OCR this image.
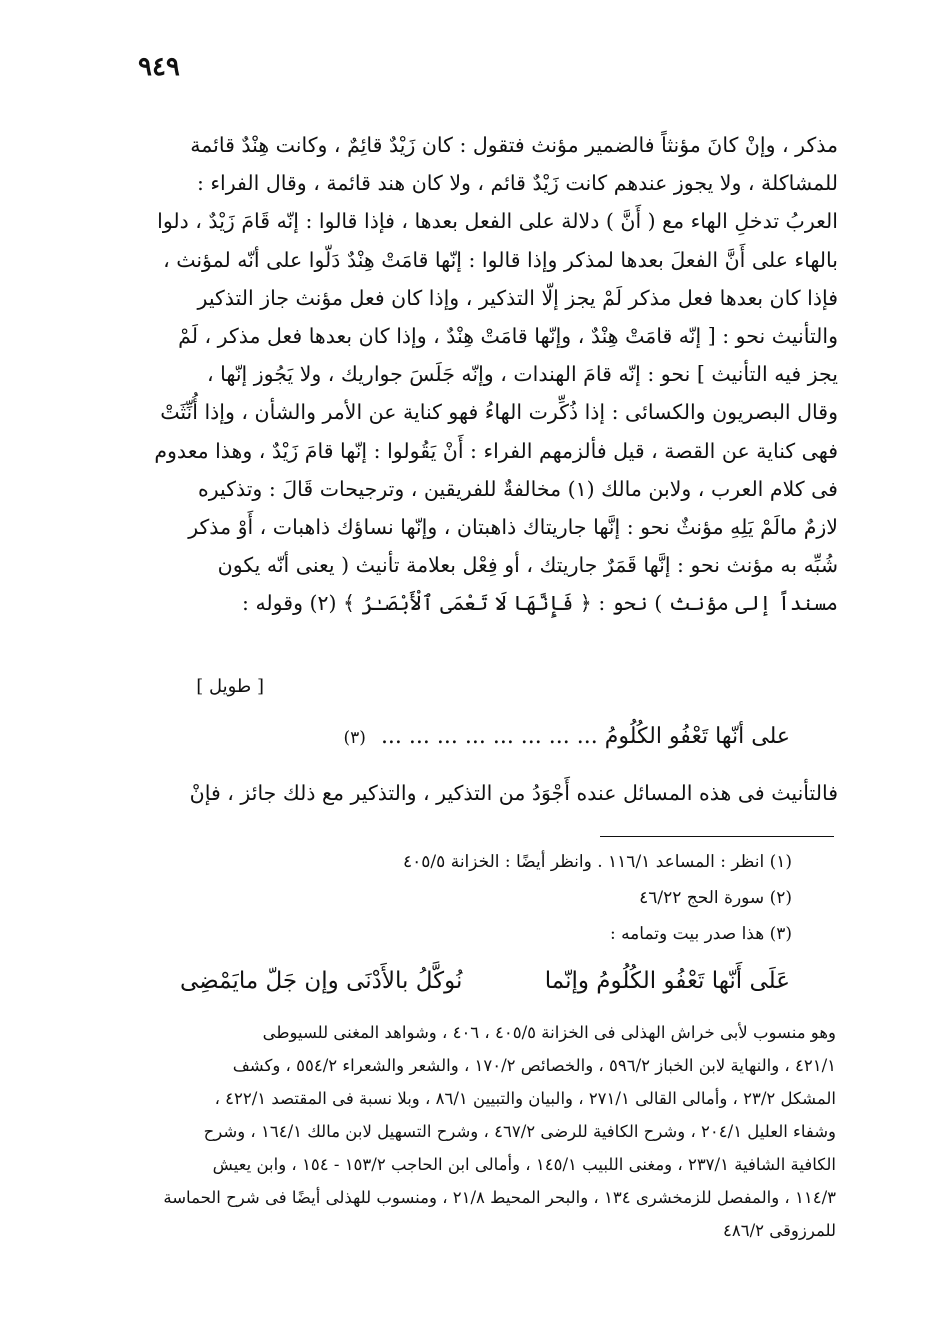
٩٤٩

مذكر ، وإنْ كانَ مؤنثاً فالضمير مؤنث فتقول : كان زَيْدٌ قائِمٌ ، وكانت هِنْدٌ قائمة

للمشاكلة ، ولا يجوز عندهم كانت زَيْدٌ قائم ، ولا كان هند قائمة ، وقال الفراء :

العربُ تدخلِ الهاء مع ( أَنَّ ) دلالة على الفعل بعدها ، فإذا قالوا : إنّه قَامَ زَيْدٌ ، دلوا

بالهاء على أَنَّ الفعلَ بعدها لمذكر وإذا قالوا : إنّها قامَتْ هِنْدٌ دَلّوا على أنّه لمؤنث ،

فإذا كان بعدها فعل مذكر لَمْ يجز إلّا التذكير ، وإذا كان فعل مؤنث جاز التذكير

والتأنيث نحو : [ إنّه قامَتْ هِنْدٌ ، وإنّها قامَتْ هِنْدٌ ، وإذا كان بعدها فعل مذكر ، لَمْ

يجز فيه التأنيث ] نحو : إنّه قامَ الهندات ، وإنّه جَلَسَ جواريك ، ولا يَجُوز إنّها ،

وقال البصريون والكسائى : إذا ذُكِّرت الهاءُ فهو كناية عن الأمر والشأن ، وإذا أُنِّثَتْ

فهى كناية عن القصة ، قيل فألزمهم الفراء : أَنْ يَقُولوا : إنّها قامَ زَيْدٌ ، وهذا معدوم

فى كلام العرب ، ولابن مالك (١) مخالفةٌ للفريقين ، وترجيحات قَالَ : وتذكيره

لازمٌ مالَمْ يَلِهِ مؤنثٌ نحو : إنَّها جاريتاك ذاهبتان ، وإنّها نساؤك ذاهبات ، أَوْ مذكر

شُبِّه به مؤنث نحو : إنَّها قَمَرٌ جاريتك ، أو فِعْل بعلامة تأنيث ( يعنى أنّه يكون

مسنداً إلى مؤنث ) نحو : ﴿ فَإِنَّهَا لَا تَعْمَى ٱلْأَبْصَـٰرُ ﴾ (٢) وقوله :

[ طويل ]
على أنّها تَعْفُو الكُلُومُ ... ... ... ... ... ... ... ... (٣)
فالتأنيث فى هذه المسائل عنده أَجْوَدُ من التذكير ، والتذكير مع ذلك جائز ، فإنْ
(١) انظر : المساعد ١١٦/١ . وانظر أيضًا : الخزانة ٤٠٥/٥
(٢) سورة الحج ٤٦/٢٢
(٣) هذا صدر بيت وتمامه :
عَلَى أَنّها تَعْفُو الكُلُومُ وإنّما
نُوكَّلُ بالأَدْنَى وإن جَلّ مايَمْضِى
وهو منسوب لأبى خراش الهذلى فى الخزانة ٤٠٥/٥ ، ٤٠٦ ، وشواهد المغنى للسيوطى
٤٢١/١ ، والنهاية لابن الخباز ٥٩٦/٢ ، والخصائص ١٧٠/٢ ، والشعر والشعراء ٥٥٤/٢ ، وكشف
المشكل ٢٣/٢ ، وأمالى القالى ٢٧١/١ ، والبيان والتبيين ٨٦/١ ، وبلا نسبة فى المقتصد ٤٢٢/١ ،
وشفاء العليل ٢٠٤/١ ، وشرح الكافية للرضى ٤٦٧/٢ ، وشرح التسهيل لابن مالك ١٦٤/١ ، وشرح
الكافية الشافية ٢٣٧/١ ، ومغنى اللبيب ١٤٥/١ ، وأمالى ابن الحاجب ١٥٣/٢ - ١٥٤ ، وابن يعيش
١١٤/٣ ، والمفصل للزمخشرى ١٣٤ ، والبحر المحيط ٢١/٨ ، ومنسوب للهذلى أيضًا فى شرح الحماسة
للمرزوقى ٤٨٦/٢
